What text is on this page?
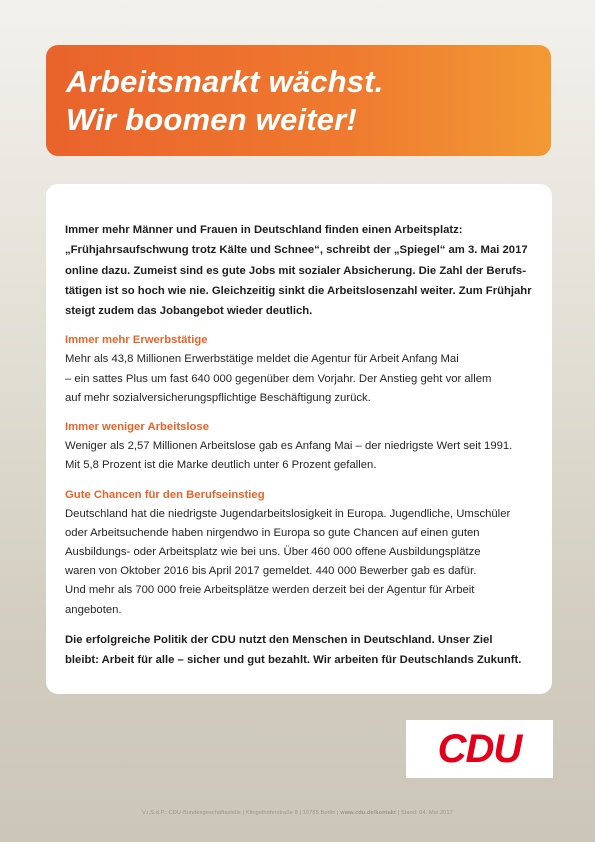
Arbeitsmarkt wächst.
Wir boomen weiter!
Immer mehr Männer und Frauen in Deutschland finden einen Arbeitsplatz:
„Frühjahrsaufschwung trotz Kälte und Schnee“, schreibt der „Spiegel“ am 3. Mai 2017
online dazu. Zumeist sind es gute Jobs mit sozialer Absicherung. Die Zahl der Berufs-
tätigen ist so hoch wie nie. Gleichzeitig sinkt die Arbeitslosenzahl weiter. Zum Frühjahr
steigt zudem das Jobangebot wieder deutlich.

Immer mehr Erwerbstätige

Mehr als 43,8 Millionen Erwerbstätige meldet die Agentur für Arbeit Anfang Mai
– ein sattes Plus um fast 640 000 gegenüber dem Vorjahr. Der Anstieg geht vor allem
auf mehr sozialversicherungspflichtige Beschäftigung zurück.

Immer weniger Arbeitslose

Weniger als 2,57 Millionen Arbeitslose gab es Anfang Mai – der niedrigste Wert seit 1991.
Mit 5,8 Prozent ist die Marke deutlich unter 6 Prozent gefallen.

Gute Chancen für den Berufseinstieg

Deutschland hat die niedrigste Jugendarbeitslosigkeit in Europa. Jugendliche, Umschüler
oder Arbeitsuchende haben nirgendwo in Europa so gute Chancen auf einen guten
Ausbildungs- oder Arbeitsplatz wie bei uns. Über 460 000 offene Ausbildungsplätze
waren von Oktober 2016 bis April 2017 gemeldet. 440 000 Bewerber gab es dafür.
Und mehr als 700 000 freie Arbeitsplätze werden derzeit bei der Agentur für Arbeit
angeboten.
Die erfolgreiche Politik der CDU nutzt den Menschen in Deutschland. Unser Ziel
bleibt: Arbeit für alle – sicher und gut bezahlt. Wir arbeiten für Deutschlands Zukunft.
CDU
V.i.S.d.P.: CDU-Bundesgeschäftsstelle | Klingelhöferstraße 8 | 10785 Berlin | www.cdu.de/kontakt | Stand: 04. Mai 2017
